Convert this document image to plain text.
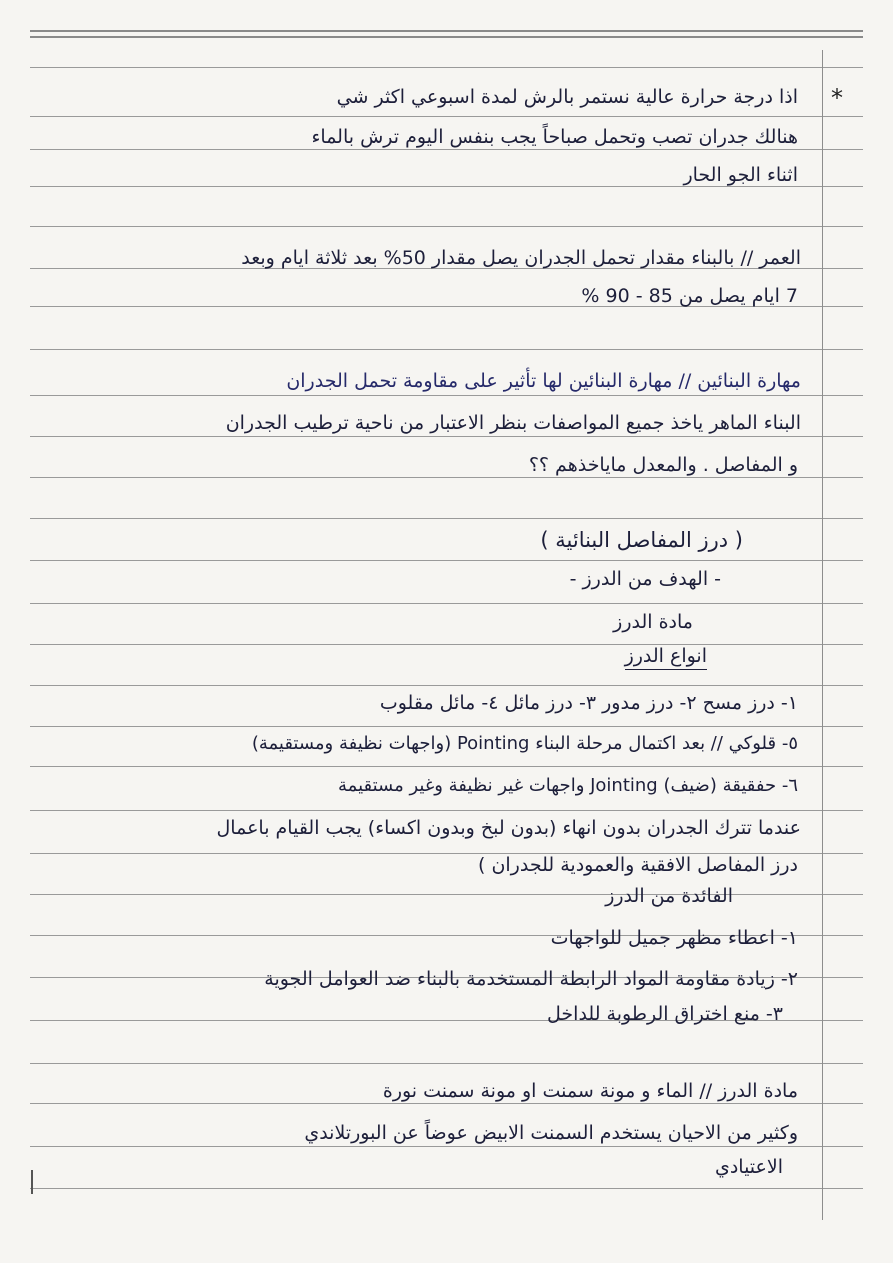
*
اذا درجة حرارة عالية نستمر بالرش لمدة اسبوعي اكثر شي
هنالك جدران تصب وتحمل صباحاً يجب بنفس اليوم ترش بالماء
اثناء الجو الحار
العمر // بالبناء مقدار تحمل الجدران يصل مقدار 50% بعد ثلاثة ايام وبعد
7 ايام يصل من 85 - 90 %
مهارة البنائين // مهارة البنائين لها تأثير على مقاومة تحمل الجدران
البناء الماهر ياخذ جميع المواصفات بنظر الاعتبار من ناحية ترطيب الجدران
و المفاصل . والمعدل ماياخذهم ؟؟
( درز المفاصل البنائية )
- الهدف من الدرز -
مادة الدرز
انواع الدرز
١- درز مسح ٢- درز مدور ٣- درز مائل ٤- مائل مقلوب
٥- قلوكي // بعد اكتمال مرحلة البناء Pointing (واجهات نظيفة ومستقيمة)
٦- حفقيقة (ضيف) Jointing واجهات غير نظيفة وغير مستقيمة
عندما تترك الجدران بدون انهاء (بدون لبخ وبدون اكساء) يجب القيام باعمال
درز المفاصل الافقية والعمودية للجدران )
الفائدة من الدرز
١- اعطاء مظهر جميل للواجهات
٢- زيادة مقاومة المواد الرابطة المستخدمة بالبناء ضد العوامل الجوية
٣- منع اختراق الرطوبة للداخل
مادة الدرز // الماء و مونة سمنت او مونة سمنت نورة
وكثير من الاحيان يستخدم السمنت الابيض عوضاً عن البورتلاندي
الاعتيادي
